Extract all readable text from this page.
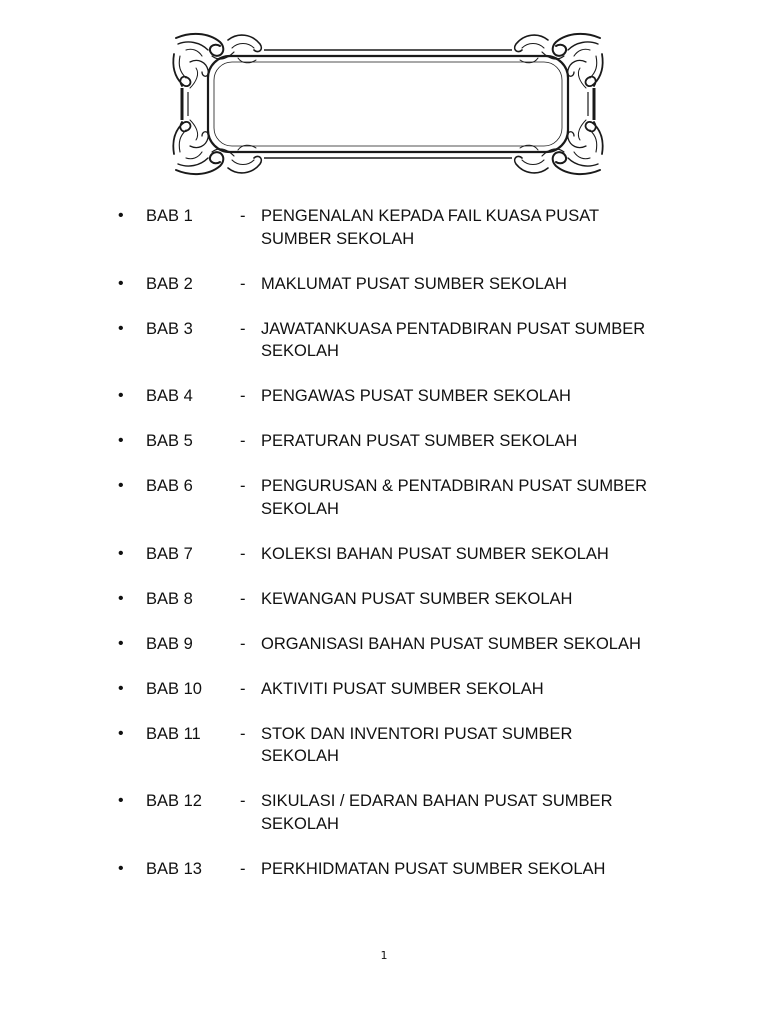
•	BAB 1	- PENGENALAN KEPADA FAIL KUASA PUSAT SUMBER SEKOLAH
•	BAB 2	- MAKLUMAT PUSAT SUMBER SEKOLAH
•	BAB 3	- JAWATANKUASA PENTADBIRAN PUSAT SUMBER SEKOLAH
•	BAB 4	- PENGAWAS PUSAT SUMBER SEKOLAH
•	BAB 5	- PERATURAN PUSAT SUMBER SEKOLAH
•	BAB 6	- PENGURUSAN & PENTADBIRAN PUSAT SUMBER SEKOLAH
•	BAB 7	- KOLEKSI BAHAN PUSAT SUMBER SEKOLAH
•	BAB 8	- KEWANGAN PUSAT SUMBER SEKOLAH
•	BAB 9	- ORGANISASI BAHAN PUSAT SUMBER SEKOLAH
•	BAB 10	- AKTIVITI PUSAT SUMBER SEKOLAH
•	BAB 11	- STOK DAN INVENTORI PUSAT SUMBER SEKOLAH
•	BAB 12	- SIKULASI / EDARAN BAHAN PUSAT SUMBER SEKOLAH
•	BAB 13	- PERKHIDMATAN PUSAT SUMBER SEKOLAH
1
